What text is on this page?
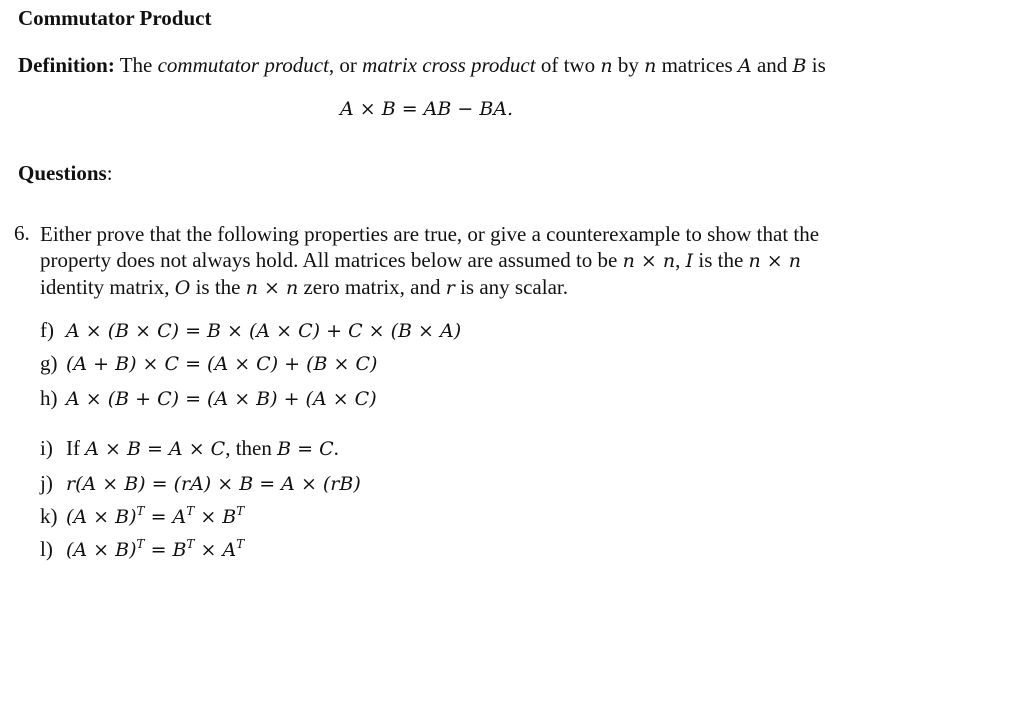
Commutator Product
Definition: The commutator product, or matrix cross product of two n by n matrices A and B is
A × B = AB − BA.
Questions:
6. Either prove that the following properties are true, or give a counterexample to show that the
property does not always hold. All matrices below are assumed to be n × n, I is the n × n
identity matrix, O is the n × n zero matrix, and r is any scalar.
f) A × (B × C) = B × (A × C) + C × (B × A)
g) (A + B) × C = (A × C) + (B × C)
h) A × (B + C) = (A × B) + (A × C)
i) If A × B = A × C, then B = C.
j) r(A × B) = (rA) × B = A × (rB)
k) $(A \times B)^T = A^T \times B^T$
l) $(A \times B)^T = B^T \times A^T$
